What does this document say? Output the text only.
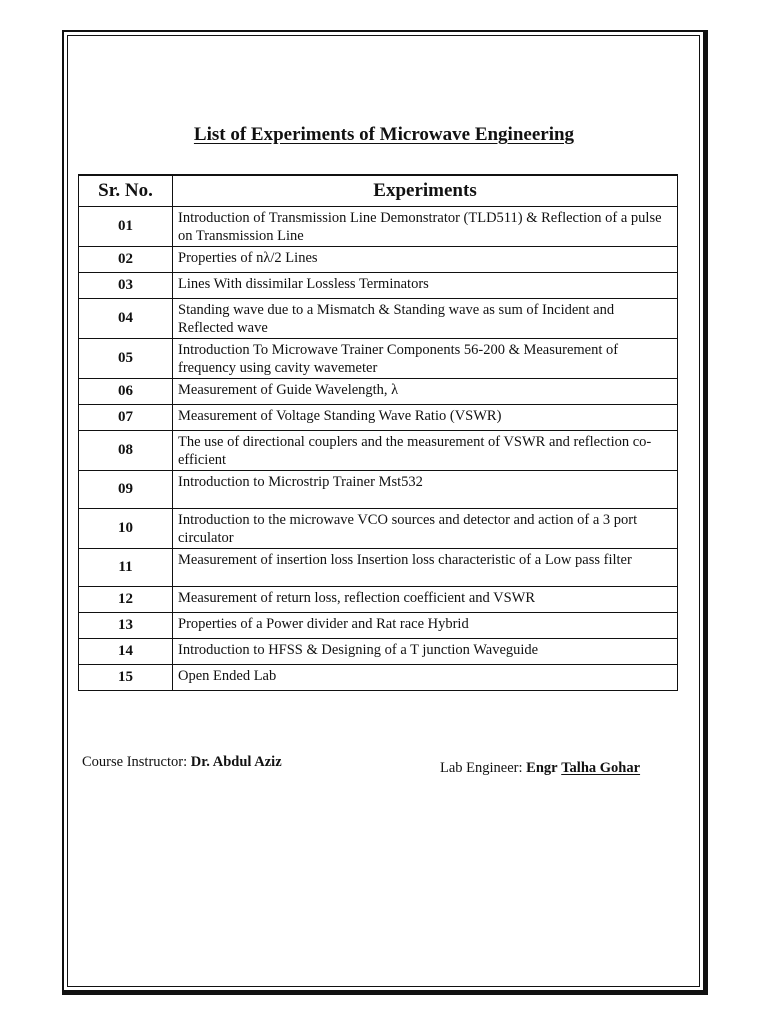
List of Experiments of Microwave Engineering
Sr. No.	Experiments
01	Introduction of Transmission Line Demonstrator (TLD511) & Reflection of a pulse on Transmission Line
02	Properties of nλ/2 Lines
03	Lines With dissimilar Lossless Terminators
04	Standing wave due to a Mismatch & Standing wave as sum of Incident and Reflected wave
05	Introduction To Microwave Trainer Components 56-200 & Measurement of frequency using cavity wavemeter
06	Measurement of Guide Wavelength, λ
07	Measurement of Voltage Standing Wave Ratio (VSWR)
08	The use of directional couplers and the measurement of VSWR and reflection co-efficient
09	Introduction to Microstrip Trainer Mst532
10	Introduction to the microwave VCO sources and detector and action of a 3 port circulator
11	Measurement of insertion loss Insertion loss characteristic of a Low pass filter
12	Measurement of return loss, reflection coefficient and VSWR
13	Properties of a Power divider and Rat race Hybrid
14	Introduction to HFSS & Designing of a T junction Waveguide
15	Open Ended Lab
Course Instructor: Dr. Abdul Aziz	Lab Engineer: Engr Talha Gohar
